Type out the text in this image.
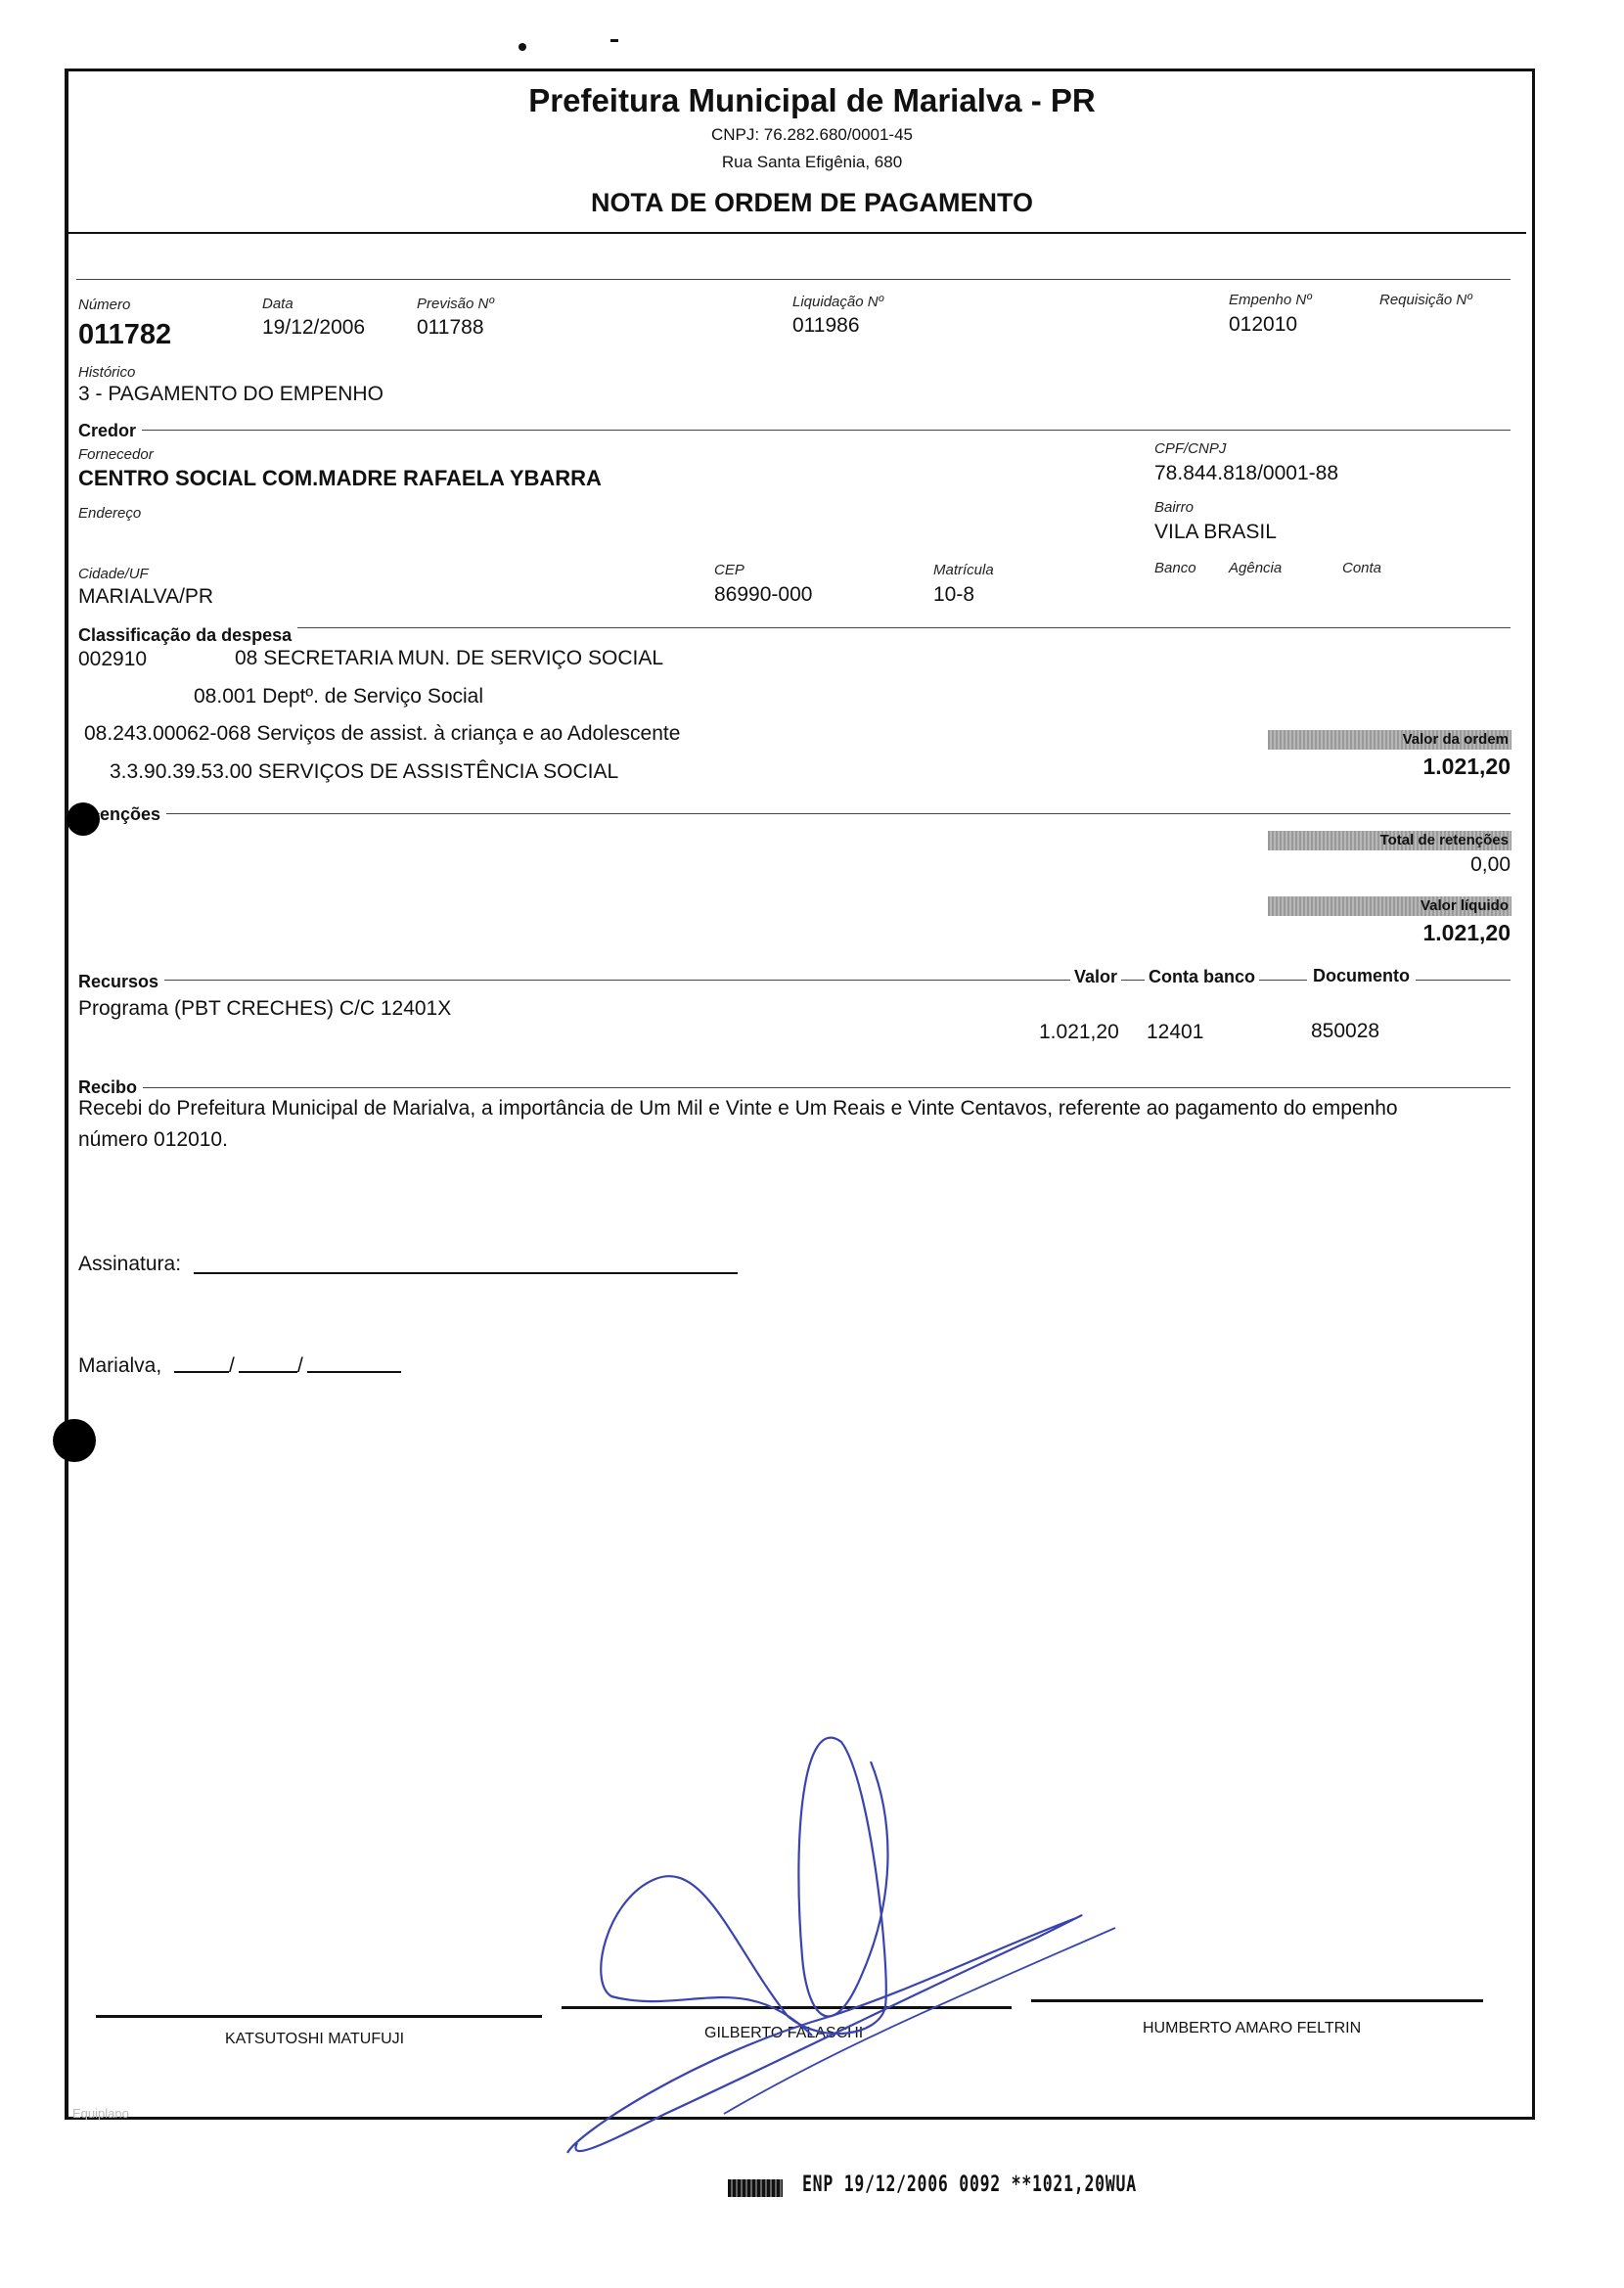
Prefeitura Municipal de Marialva - PR
CNPJ: 76.282.680/0001-45
Rua Santa Efigênia, 680
NOTA DE ORDEM DE PAGAMENTO
Número
011782
Data
19/12/2006
Previsão Nº
011788
Liquidação Nº
011986
Empenho Nº
012010
Requisição Nº
Histórico
3 - PAGAMENTO DO EMPENHO
Credor
Fornecedor
CENTRO SOCIAL COM.MADRE RAFAELA YBARRA
CPF/CNPJ
78.844.818/0001-88
Endereço	Bairro
VILA BRASIL
Cidade/UF
MARIALVA/PR
CEP
86990-000
Matrícula
10-8
Banco Agência	Conta
Classificação da despesa
002910	08 SECRETARIA MUN. DE SERVIÇO SOCIAL
08.001 Deptº. de Serviço Social
08.243.00062-068 Serviços de assist. à criança e ao Adolescente
3.3.90.39.53.00 SERVIÇOS DE ASSISTÊNCIA SOCIAL
Valor da ordem
1.021,20
enções
Total de retenções
0,00
Valor líquido
1.021,20
Recursos	Valor Conta banco	Documento
Programa (PBT CRECHES) C/C 12401X
1.021,20 12401	850028
Recibo
Recebi do Prefeitura Municipal de Marialva, a importância de Um Mil e Vinte e Um Reais e Vinte Centavos, referente ao pagamento do empenho
número 012010.
Assinatura:
Marialva,	/	/
KATSUTOSHI MATUFUJI	GILBERTO FALASCHI	HUMBERTO AMARO FELTRIN
Equiplano
ENP 19/12/2006 0092 **1021,20WUA
